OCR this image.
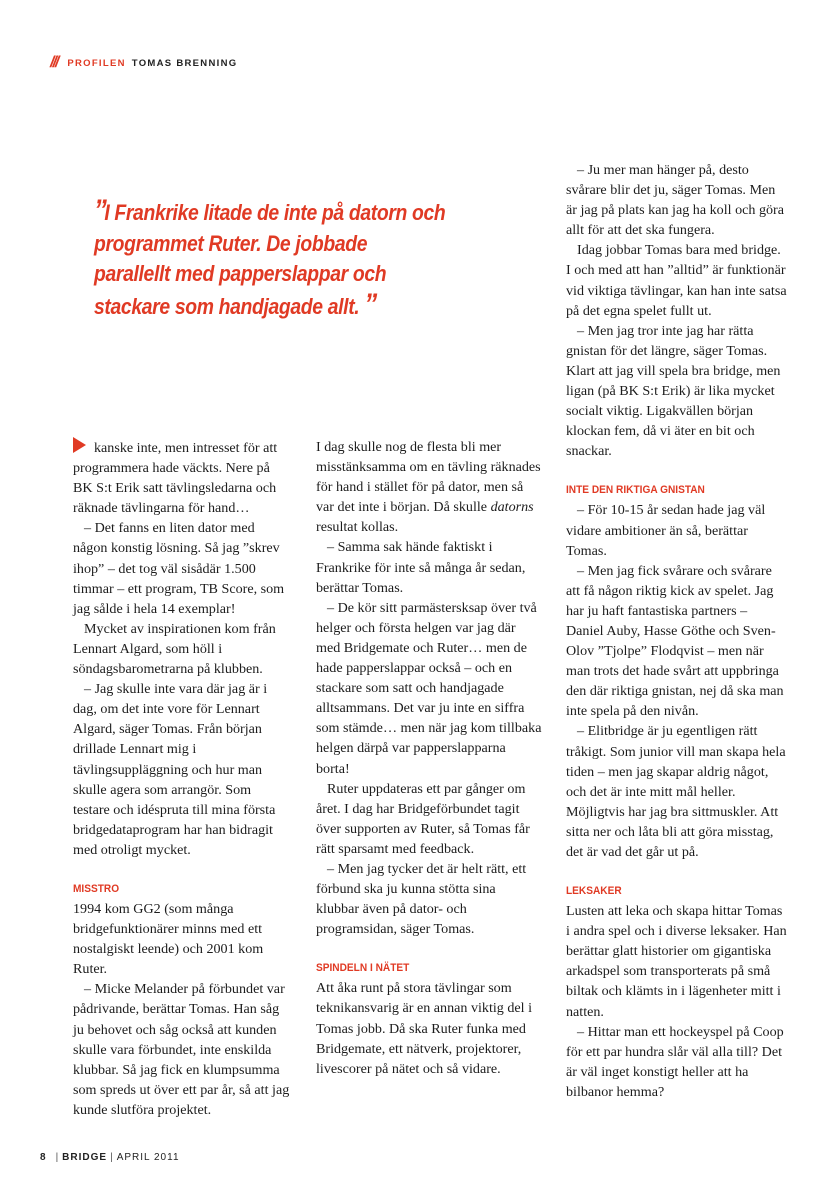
/// PROFILEN TOMAS BRENNING
”I Frankrike litade de inte på datorn och programmet Ruter. De jobbade parallellt med papperslappar och stackare som handjagade allt. ”

kanske inte, men intresset för att programmera hade väckts. Nere på BK S:t Erik satt tävlingsledarna och räknade tävlingarna för hand…

– Det fanns en liten dator med någon konstig lösning. Så jag ”skrev ihop” – det tog väl sisådär 1.500 timmar – ett program, TB Score, som jag sålde i hela 14 exemplar!

Mycket av inspirationen kom från Lennart Algard, som höll i söndagsbarometrarna på klubben.

– Jag skulle inte vara där jag är i dag, om det inte vore för Lennart Algard, säger Tomas. Från början drillade Lennart mig i tävlingsuppläggning och hur man skulle agera som arrangör. Som testare och idéspruta till mina första bridgedataprogram har han bidragit med otroligt mycket.

MISSTRO

1994 kom GG2 (som många bridgefunktionärer minns med ett nostalgiskt leende) och 2001 kom Ruter.

– Micke Melander på förbundet var pådrivande, berättar Tomas. Han såg ju behovet och såg också att kunden skulle vara förbundet, inte enskilda klubbar. Så jag fick en klumpsumma som spreds ut över ett par år, så att jag kunde slutföra projektet.

I dag skulle nog de flesta bli mer misstänksamma om en tävling räknades för hand i stället för på dator, men så var det inte i början. Då skulle datorns resultat kollas.

– Samma sak hände faktiskt i Frankrike för inte så många år sedan, berättar Tomas.

– De kör sitt parmästersksap över två helger och första helgen var jag där med Bridgemate och Ruter… men de hade papperslappar också – och en stackare som satt och handjagade alltsammans. Det var ju inte en siffra som stämde… men när jag kom tillbaka helgen därpå var papperslapparna borta!

Ruter uppdateras ett par gånger om året. I dag har Bridgeförbundet tagit över supporten av Ruter, så Tomas får rätt sparsamt med feedback.

– Men jag tycker det är helt rätt, ett förbund ska ju kunna stötta sina klubbar även på dator- och programsidan, säger Tomas.

SPINDELN I NÄTET

Att åka runt på stora tävlingar som teknikansvarig är en annan viktig del i Tomas jobb. Då ska Ruter funka med Bridgemate, ett nätverk, projektorer, livescorer på nätet och så vidare.

– Ju mer man hänger på, desto svårare blir det ju, säger Tomas. Men är jag på plats kan jag ha koll och göra allt för att det ska fungera.

Idag jobbar Tomas bara med bridge. I och med att han ”alltid” är funktionär vid viktiga tävlingar, kan han inte satsa på det egna spelet fullt ut.

– Men jag tror inte jag har rätta gnistan för det längre, säger Tomas. Klart att jag vill spela bra bridge, men ligan (på BK S:t Erik) är lika mycket socialt viktig. Ligakvällen början klockan fem, då vi äter en bit och snackar.

INTE DEN RIKTIGA GNISTAN

– För 10-15 år sedan hade jag väl vidare ambitioner än så, berättar Tomas.

– Men jag fick svårare och svårare att få någon riktig kick av spelet. Jag har ju haft fantastiska partners – Daniel Auby, Hasse Göthe och Sven-Olov ”Tjolpe” Flodqvist – men när man trots det hade svårt att uppbringa den där riktiga gnistan, nej då ska man inte spela på den nivån.

– Elitbridge är ju egentligen rätt tråkigt. Som junior vill man skapa hela tiden – men jag skapar aldrig något, och det är inte mitt mål heller. Möjligtvis har jag bra sittmuskler. Att sitta ner och låta bli att göra misstag, det är vad det går ut på.

LEKSAKER

Lusten att leka och skapa hittar Tomas i andra spel och i diverse leksaker. Han berättar glatt historier om gigantiska arkadspel som transporterats på små biltak och klämts in i lägenheter mitt i natten.

– Hittar man ett hockeyspel på Coop för ett par hundra slår väl alla till? Det är väl inget konstigt heller att ha bilbanor hemma?

8 | BRIDGE | APRIL 2011
